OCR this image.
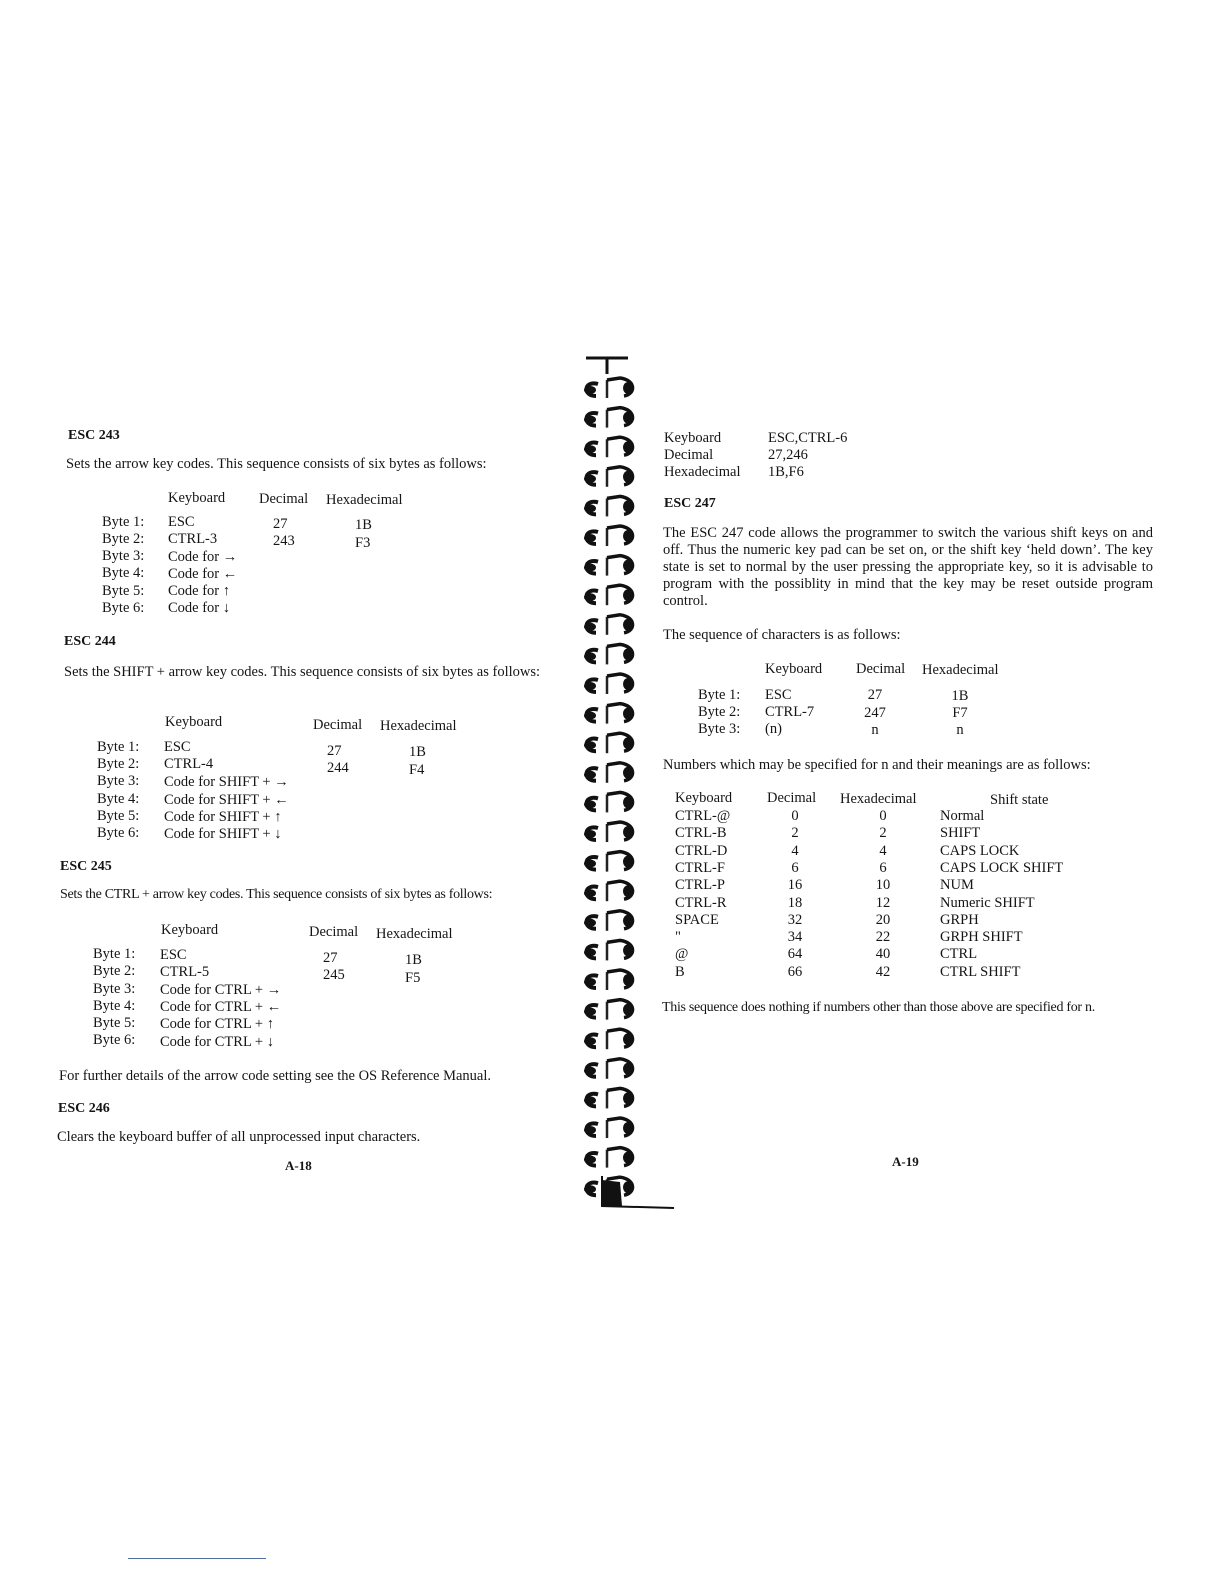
ESC 243
Sets the arrow key codes. This sequence consists of six bytes as follows:
Keyboard Decimal Hexadecimal
Byte 1: ESC	27	1B
Byte 2: CTRL-3	243	F3
Byte 3: Code for →
Byte 4: Code for ←
Byte 5: Code for ↑
Byte 6: Code for ↓
ESC 244
Sets the SHIFT + arrow key codes. This sequence consists of six bytes as follows:
Keyboard	Decimal Hexadecimal
Byte 1: ESC	27	1B
Byte 2: CTRL-4	244	F4
Byte 3: Code for SHIFT + →
Byte 4: Code for SHIFT + ←
Byte 5: Code for SHIFT + ↑
Byte 6: Code for SHIFT + ↓
ESC 245
Sets the CTRL + arrow key codes. This sequence consists of six bytes as follows:
Keyboard	Decimal Hexadecimal
Byte 1: ESC	27	1B
Byte 2: CTRL-5	245	F5
Byte 3: Code for CTRL + →
Byte 4: Code for CTRL + ←
Byte 5: Code for CTRL + ↑
Byte 6: Code for CTRL + ↓
For further details of the arrow code setting see the OS Reference Manual.
ESC 246
Clears the keyboard buffer of all unprocessed input characters.
A-18
Keyboard	ESC,CTRL-6
Decimal	27,246
Hexadecimal 1B,F6
ESC 247
The ESC 247 code allows the programmer to switch the various shift keys on and off. Thus the numeric key pad can be set on, or the shift key ‘held down’. The key state is set to normal by the user pressing the appropriate key, so it is advisable to program with the possiblity in mind that the key may be reset outside program control.
The sequence of characters is as follows:
Keyboard Decimal Hexadecimal
Byte 1: ESC	27	1B
Byte 2: CTRL-7	247	F7
Byte 3: (n)	n	n
Numbers which may be specified for n and their meanings are as follows:
Keyboard Decimal Hexadecimal	Shift state
CTRL-@	0	0	Normal
CTRL-B	2	2	SHIFT
CTRL-D	4	4	CAPS LOCK
CTRL-F	6	6	CAPS LOCK SHIFT
CTRL-P	16	10	NUM
CTRL-R	18	12	Numeric SHIFT
SPACE	32	20	GRPH
"	34	22	GRPH SHIFT
@	64	40	CTRL
B	66	42	CTRL SHIFT
This sequence does nothing if numbers other than those above are specified for n.
A-19
